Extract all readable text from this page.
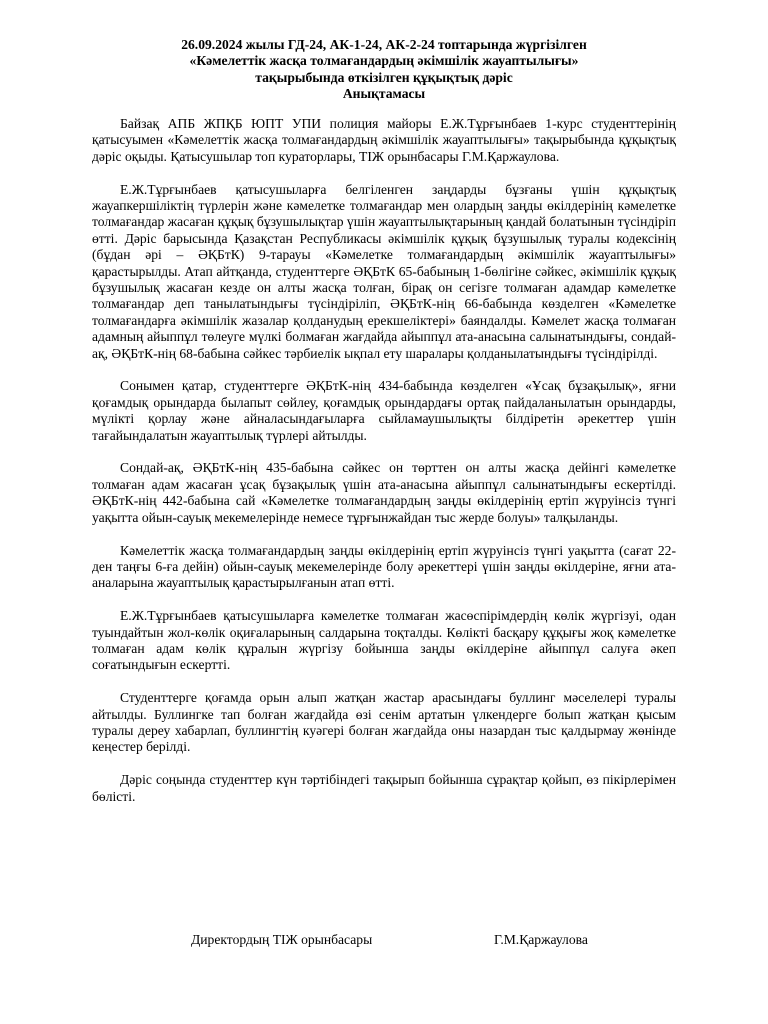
26.09.2024 жылы ГД-24, АК-1-24, АК-2-24 топтарында жүргізілген
«Кәмелеттік жасқа толмағандардың әкімшілік жауаптылығы»
тақырыбында өткізілген құқықтық дәріс
Анықтамасы

Байзақ АПБ ЖПҚБ ЮПТ УПИ полиция майоры Е.Ж.Тұрғынбаев 1-курс студенттерінің қатысуымен «Кәмелеттік жасқа толмағандардың әкімшілік жауаптылығы» тақырыбында құқықтық дәріс оқыды. Қатысушылар топ кураторлары, ТІЖ орынбасары Г.М.Қаржаулова.

Е.Ж.Тұрғынбаев қатысушыларға белгіленген заңдарды бұзғаны үшін құқықтық жауапкершіліктің түрлерін және кәмелетке толмағандар мен олардың заңды өкілдерінің кәмелетке толмағандар жасаған құқық бұзушылықтар үшін жауаптылықтарының қандай болатынын түсіндіріп өтті. Дәріс барысында Қазақстан Республикасы әкімшілік құқық бұзушылық туралы кодексінің (бұдан әрі – ӘҚБтК) 9-тарауы «Кәмелетке толмағандардың әкімшілік жауаптылығы» қарастырылды. Атап айтқанда, студенттерге ӘҚБтК 65-бабының 1-бөлігіне сәйкес, әкімшілік құқық бұзушылық жасаған кезде он алты жасқа толған, бірақ он сегізге толмаған адамдар кәмелетке толмағандар деп танылатындығы түсіндіріліп, ӘҚБтК-нің 66-бабында көзделген «Кәмелетке толмағандарға әкімшілік жазалар қолданудың ерекшеліктері» баяндалды. Кәмелет жасқа толмаған адамның айыппұл төлеуге мүлкі болмаған жағдайда айыппұл ата-анасына салынатындығы, сондай-ақ, ӘҚБтК-нің 68-бабына сәйкес тәрбиелік ықпал ету шаралары қолданылатындығы түсіндірілді.

Сонымен қатар, студенттерге ӘҚБтК-нің 434-бабында көзделген «Ұсақ бұзақылық», яғни қоғамдық орындарда былапыт сөйлеу, қоғамдық орындардағы ортақ пайдаланылатын орындарды, мүлікті қорлау және айналасындағыларға сыйламаушылықты білдіретін әрекеттер үшін тағайындалатын жауаптылық түрлері айтылды.

Сондай-ақ, ӘҚБтК-нің 435-бабына сәйкес он төрттен он алты жасқа дейінгі кәмелетке толмаған адам жасаған ұсақ бұзақылық үшін ата-анасына айыппұл салынатындығы ескертілді. ӘҚБтК-нің 442-бабына сай «Кәмелетке толмағандардың заңды өкілдерінің ертіп жүруінсіз түнгі уақытта ойын-сауық мекемелерінде немесе тұрғынжайдан тыс жерде болуы» талқыланды.

Кәмелеттік жасқа толмағандардың заңды өкілдерінің ертіп жүруінсіз түнгі уақытта (сағат 22-ден таңғы 6-ға дейін) ойын-сауық мекемелерінде болу әрекеттері үшін заңды өкілдеріне, яғни ата-аналарына жауаптылық қарастырылғанын атап өтті.

Е.Ж.Тұрғынбаев қатысушыларға кәмелетке толмаған жасөспірімдердің көлік жүргізуі, одан туындайтын жол-көлік оқиғаларының салдарына тоқталды. Көлікті басқару құқығы жоқ кәмелетке толмаған адам көлік құралын жүргізу бойынша заңды өкілдеріне айыппұл салуға әкеп соғатындығын ескертті.

Студенттерге қоғамда орын алып жатқан жастар арасындағы буллинг мәселелері туралы айтылды. Буллингке тап болған жағдайда өзі сенім артатын үлкендерге болып жатқан қысым туралы дереу хабарлап, буллингтің куәгері болған жағдайда оны назардан тыс қалдырмау жөнінде кеңестер берілді.

Дәріс соңында студенттер күн тәртібіндегі тақырып бойынша сұрақтар қойып, өз пікірлерімен бөлісті.

Директордың ТІЖ орынбасары	Г.М.Қаржаулова
